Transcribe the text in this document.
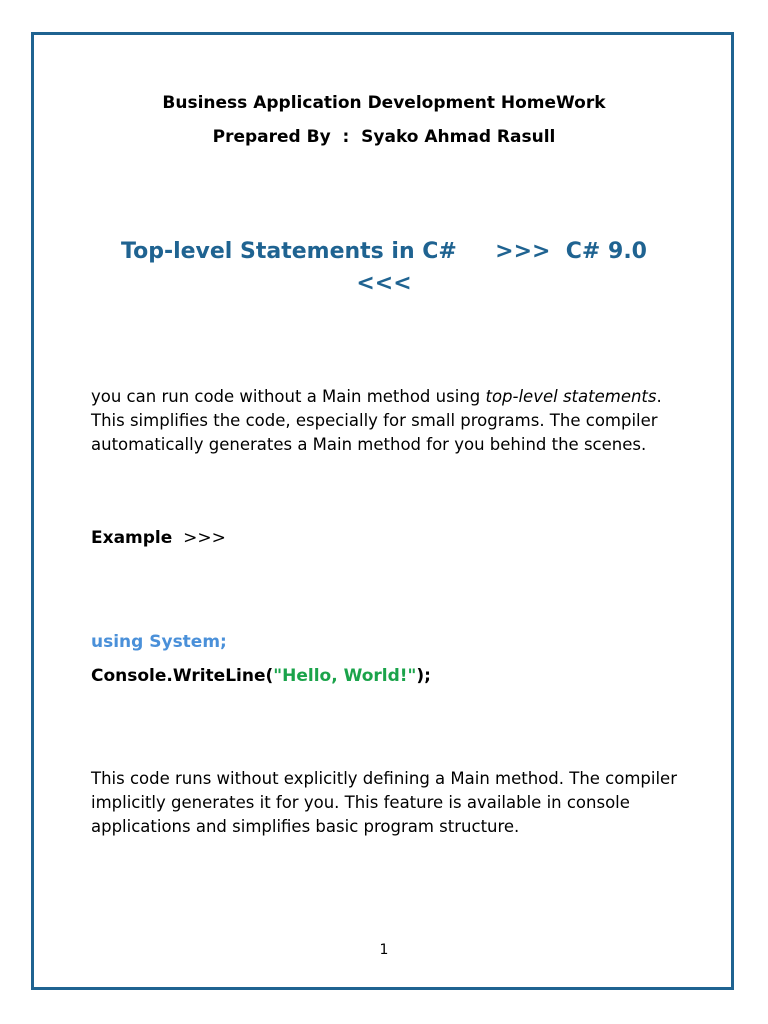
Business Application Development HomeWork
Prepared By  :  Syako Ahmad Rasull
Top-level Statements in C#     >>>  C# 9.0 <<<
you can run code without a Main method using top-level statements. This simplifies the code, especially for small programs. The compiler automatically generates a Main method for you behind the scenes.
Example  >>>
using System;
Console.WriteLine("Hello, World!");
This code runs without explicitly defining a Main method. The compiler implicitly generates it for you. This feature is available in console applications and simplifies basic program structure.
1
